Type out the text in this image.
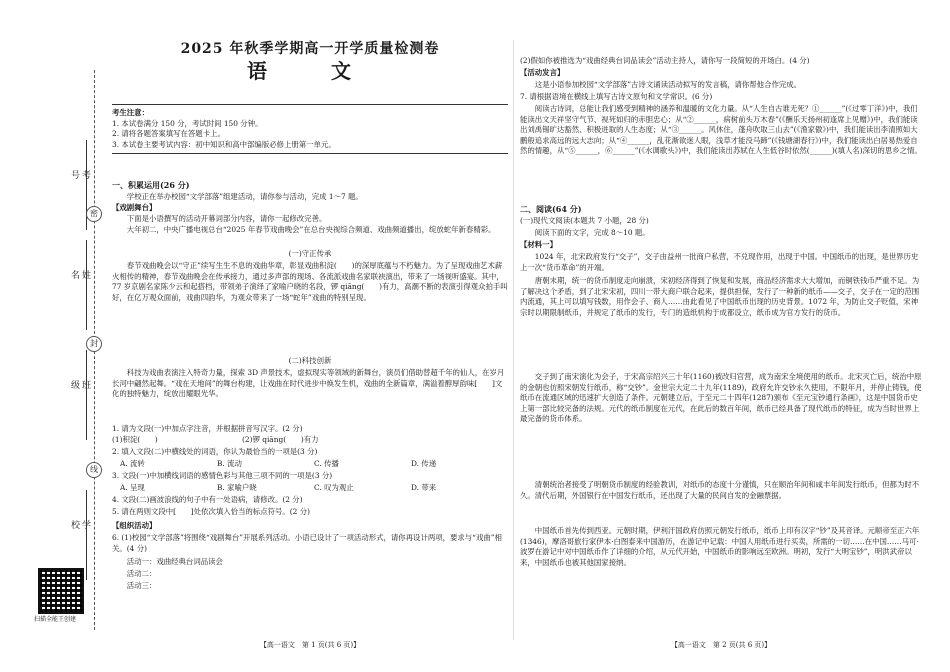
考号
姓名
班级
学校
密
封
线
扫描全能王创建

2025 年秋季学期高一开学质量检测卷

语　文

考生注意：

1. 本试卷满分 150 分，考试时间 150 分钟。

2. 请将各题答案填写在答题卡上。

3. 本试卷主要考试内容：初中知识和高中部编版必修上册第一单元。

一、积累运用(26 分)

学校正在举办校园“文学部落”组建活动，请你参与活动，完成 1～7 题。

【戏剧舞台】

下面是小语撰写的活动开幕词部分内容，请你一起修改完善。

大年初二，中央广播电视总台“2025 年春节戏曲晚会”在总台央视综合频道、戏曲频道播出，绽放蛇年新春精彩。

(一)守正传承

春节戏曲晚会以“守正”续写生生不息的戏曲华章，彰显戏曲积淀(　　)的深厚底蕴与不朽魅力。为了呈现戏曲艺术薪火相传的精神，春节戏曲晚会在传承接力，通过多声部的现场、各流派戏曲名家联袂演出，带来了一场视听盛宴。其中，77 岁京剧名家陈少云和起搭档，带领弟子演绎了家喻户晓的名段，锣 qiāng(　　)有力，高潮不断的表演引得观众拍手叫好，在亿万观众面前，戏曲四韵华，为观众带来了一场“蛇年”戏曲的特别呈现。

(二)科技创新

科技为戏曲表演注入特奇力量，探索 3D 声景技术，虚拟现实等领域的新舞台，演员们借助替超千年的仙人，在岁月长河中翩然起舞。“戏在天地间”的舞台构建，让戏曲在时代进步中焕发生机，戏曲的全新篇章，满溢着醇厚韵味[　　]文化的独特魅力，绽放出耀眼光华。

1. 请为文段(一)中加点字注音，并根据拼音写汉字。(2 分)

(1)积淀(　　)	(2)锣 qiāng(　　)有力

2. 填入文段(二)中横线处的词语，你认为最恰当的一项是(3 分)

A. 流转	B. 流动	C. 传播	D. 传递

3. 文段(一)中加横线词语的感情色彩与其他三项不同的一项是(3 分)

A. 呈现	B. 家喻户晓	C. 叹为观止	D. 带来

4. 文段(二)画波浪线的句子中有一处语病，请修改。(2 分)

5. 请在两则文段中[　　]处依次填入恰当的标点符号。(2 分)

【组织活动】

6. (1)校园“文学部落”将围绕“戏剧舞台”开展系列活动。小语已设计了一项活动形式，请你再设计两项，要求与“戏曲”相关。(4 分)

活动一：戏曲经典台词品读会

活动二：

活动三：

【高一语文　第 1 页(共 6 页)】

(2)假如你被推选为“戏曲经典台词品读会”活动主持人，请你写一段简短的开场白。(4 分)

【活动发言】

这是小语参加校园“文学部落”古诗文诵读活动拟写的发言稿，请你帮他合作完成。

7. 请根据语境在横线上填写古诗文原句和文学常识。(6 分)

阅读古诗词，总能让我们感受到精神的涵养和温暖的文化力量。从“人生自古谁无死？①______”(《过零丁洋》)中，我们能读出文天祥坚守气节、视死如归的赤胆忠心；从“②______，病树前头万木春”(《酬乐天扬州初逢席上见赠》)中，我们能读出刘禹锡旷达豁然、积极进取的人生态度；从“③______。风休住，蓬舟吹取三山去”(《渔家傲》)中，我们能读出李清照如大鹏般追求高远的远大志向；从“④______，乱花渐欲迷人眼，浅草才能没马蹄”(《钱塘湖春行》)中，我们能读出白居易热爱自然的情趣，从“⑤______，⑥______”(《水调歌头》)中，我们能读出苏轼在人生低谷时依然(______)(填人名)深切的思乡之情。

二、阅读(64 分)

(一)现代文阅读(本题共 7 小题，28 分)

阅读下面的文字，完成 8～10 题。

【材料一】

1024 年，北宋政府发行“交子”，交子由益州一批商户私营，不兑现作用，出现于中国。中国纸币的出现，是世界历史上一次“货币革命”的开端。

唐朝末期，统一的货币制度走向崩溃，宋初经济得到了恢复和发展，商品经济需求大大增加，而铜铁钱币严重不足。为了解决这个矛盾，到了北宋宋初，四川一带大商户联合起来，提供担保，发行了一种新的纸币——交子，交子在一定的范围内流通，其上可以填写钱数，用作会子、商人……由此看见了中国纸币出现的历史背景。1072 年，为防止交子贬值，宋神宗时以期限制纸币，并规定了纸币的发行，专门的造纸机构于成都设立，纸币成为官方发行的货币。

交子到了南宋演化为会子，于宋高宗绍兴三十年(1160)被改归官营，成为南宋全境使用的纸币。北宋灭亡后，统治中原的金朝也仿照宋朝发行纸币，称“交钞”。金世宗大定二十九年(1189)，政府允许交钞永久使用，不限年月，并停止铸钱，使纸币在流通区域的迅速扩大创造了条件。元朝建立后，于至元二十四年(1287)颁布《至元宝钞通行条画》，这是中国货币史上第一部比较完备的法规。元代的纸币制度在元代，在此后的数百年间，纸币已经具备了现代纸币的特征，成为当时世界上最完备的货币体系。

清朝统治者接受了明朝货币制度的经验教训，对纸币的态度十分谨慎，只在顺治年间和咸丰年间发行纸币，但都为时不久。清代后期，外国银行在中国发行纸币，还出现了大量的民间自发的金融票据。

中国纸币首先传到西亚。元朝时期，伊利汗国政府仿照元朝发行纸币，纸币上印有汉字“钞”及其音译。元顺帝至正六年(1346)，摩洛哥旅行家伊本·白图泰来中国游历，在游记中记载：中国人用纸币进行买卖，所需的一切……在中国……马可·波罗在游记中对中国纸币作了详细的介绍，从元代开始，中国纸币的影响远至欧洲。明初，发行“大明宝钞”，明洪武帝以来，中国纸币也被其他国家接纳。

【高一语文　第 2 页(共 6 页)】
